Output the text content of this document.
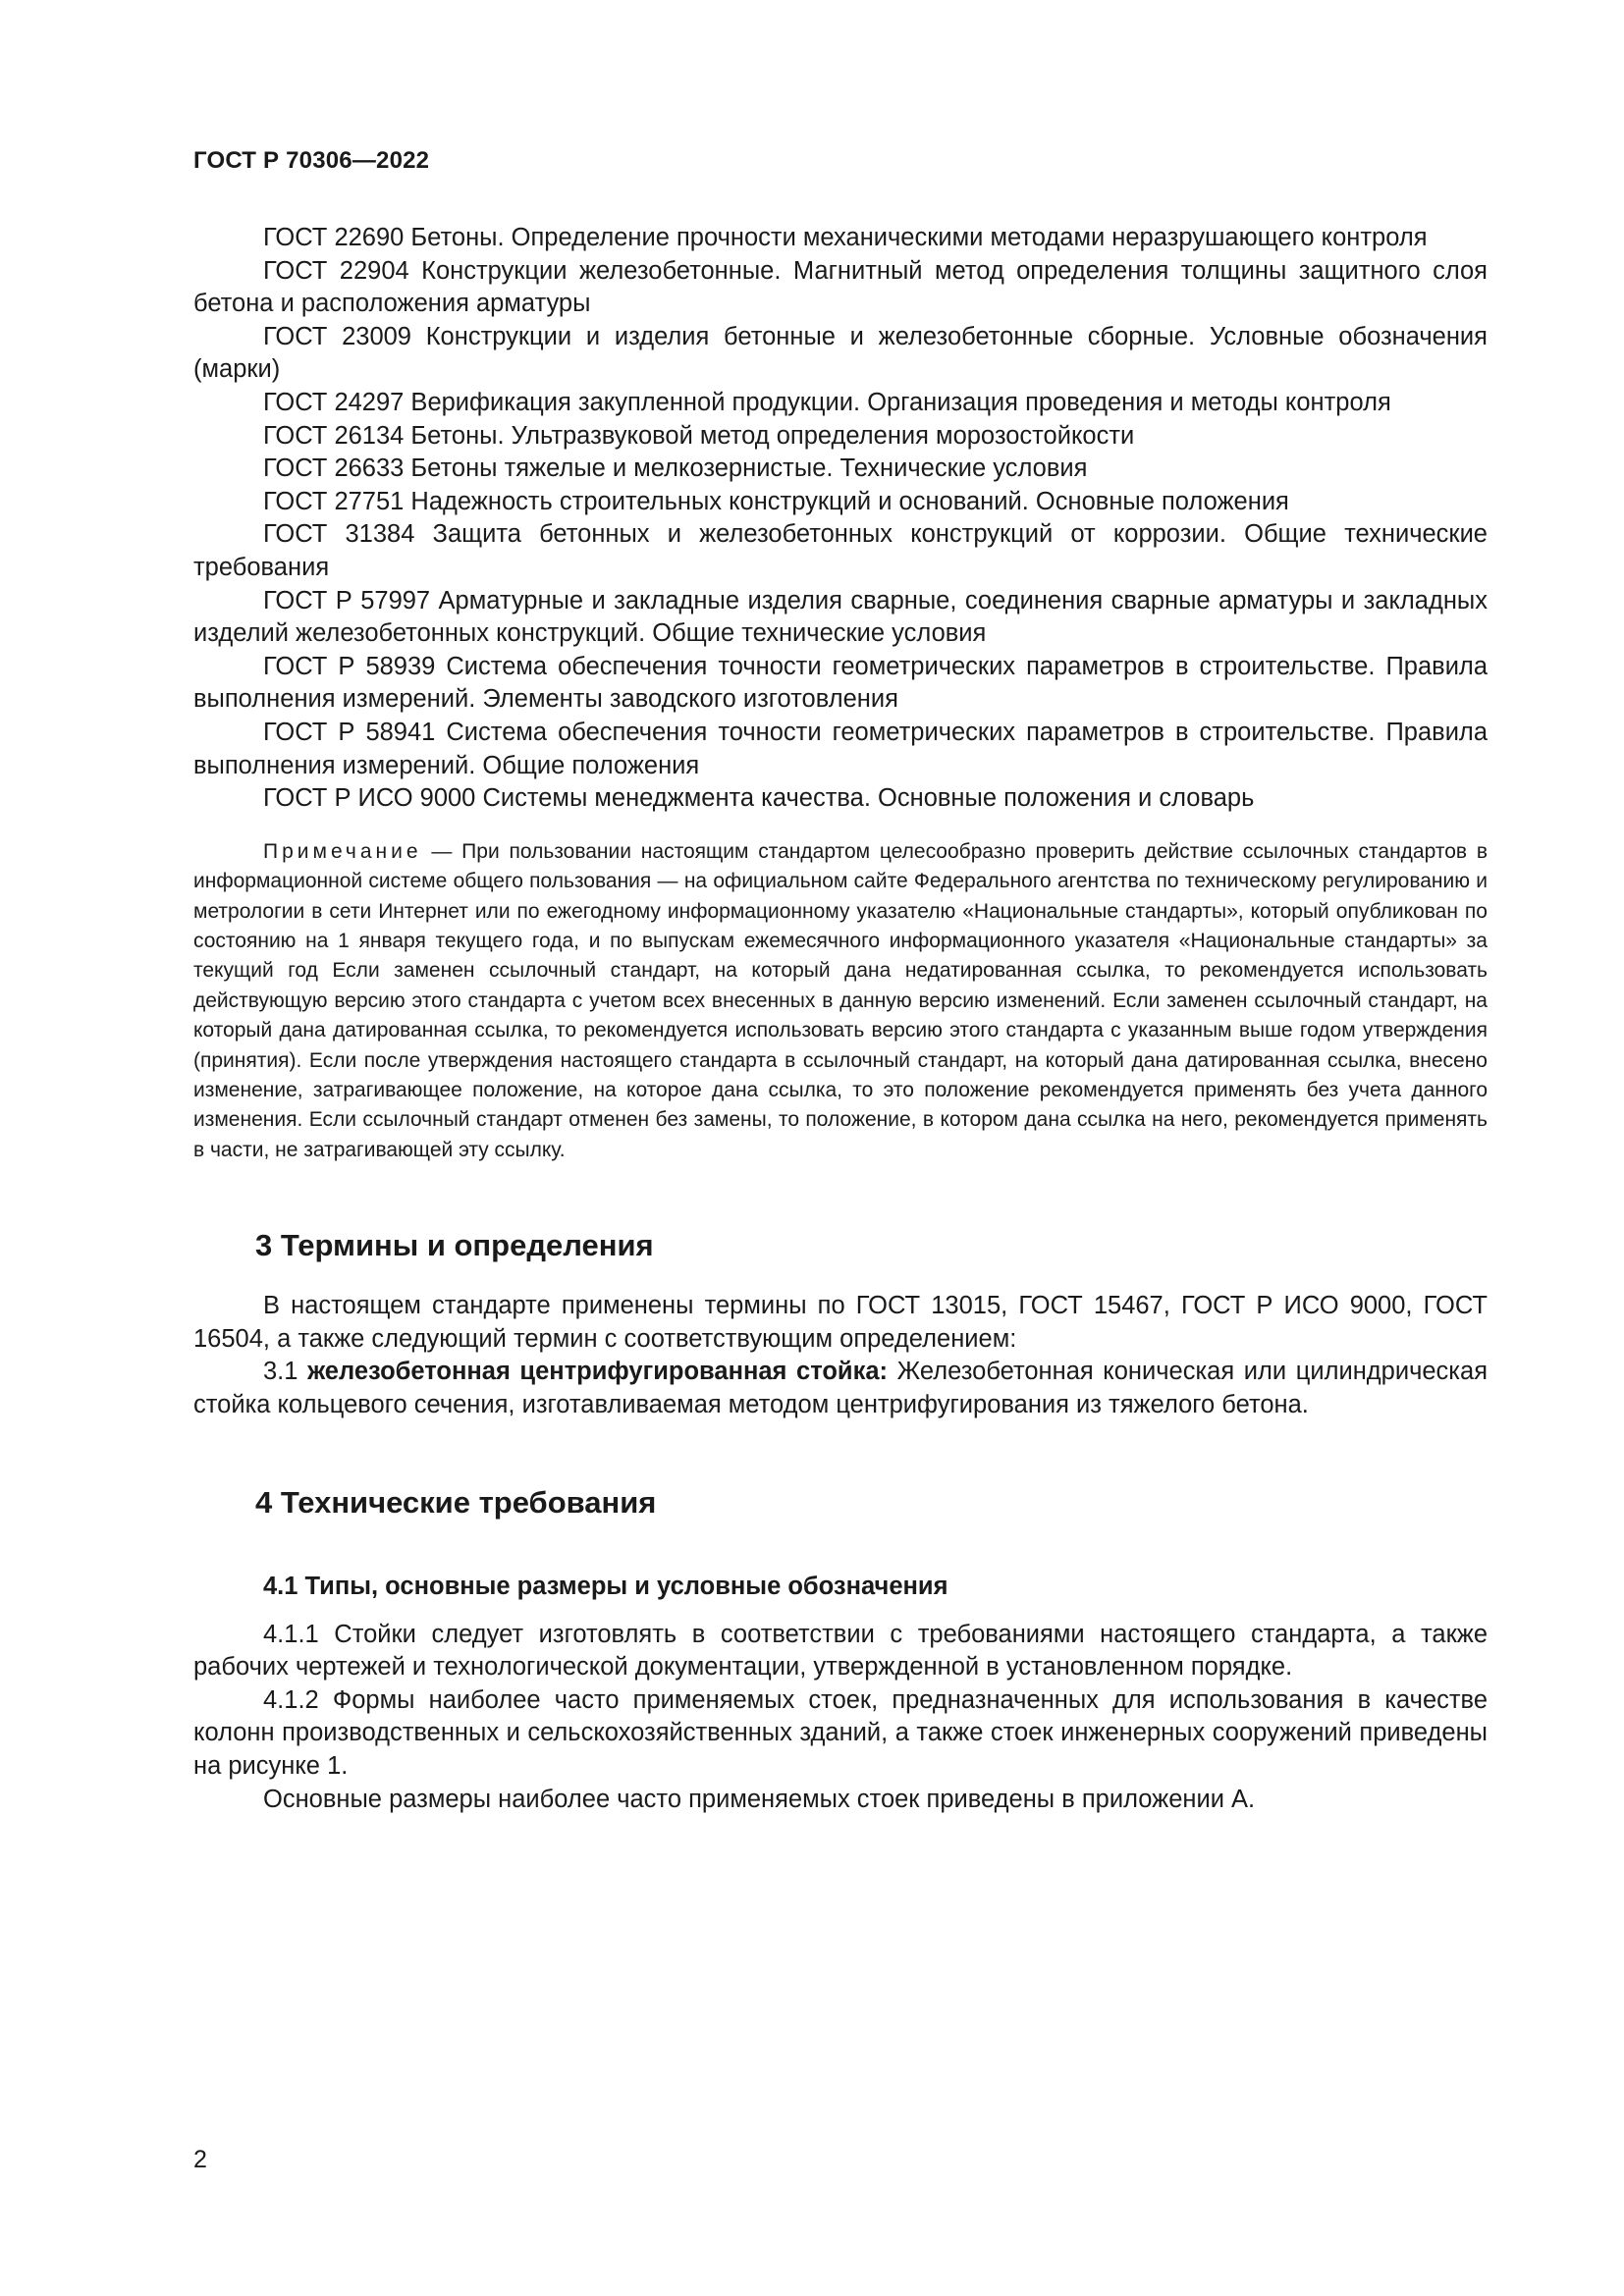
ГОСТ Р 70306—2022

ГОСТ 22690 Бетоны. Определение прочности механическими методами неразрушающего контроля

ГОСТ 22904 Конструкции железобетонные. Магнитный метод определения толщины защитного слоя бетона и расположения арматуры

ГОСТ 23009 Конструкции и изделия бетонные и железобетонные сборные. Условные обозначения (марки)

ГОСТ 24297 Верификация закупленной продукции. Организация проведения и методы контроля

ГОСТ 26134 Бетоны. Ультразвуковой метод определения морозостойкости

ГОСТ 26633 Бетоны тяжелые и мелкозернистые. Технические условия

ГОСТ 27751 Надежность строительных конструкций и оснований. Основные положения

ГОСТ 31384 Защита бетонных и железобетонных конструкций от коррозии. Общие технические требования

ГОСТ Р 57997 Арматурные и закладные изделия сварные, соединения сварные арматуры и закладных изделий железобетонных конструкций. Общие технические условия

ГОСТ Р 58939 Система обеспечения точности геометрических параметров в строительстве. Правила выполнения измерений. Элементы заводского изготовления

ГОСТ Р 58941 Система обеспечения точности геометрических параметров в строительстве. Правила выполнения измерений. Общие положения

ГОСТ Р ИСО 9000 Системы менеджмента качества. Основные положения и словарь

Примечание — При пользовании настоящим стандартом целесообразно проверить действие ссылочных стандартов в информационной системе общего пользования — на официальном сайте Федерального агентства по техническому регулированию и метрологии в сети Интернет или по ежегодному информационному указателю «Национальные стандарты», который опубликован по состоянию на 1 января текущего года, и по выпускам ежемесячного информационного указателя «Национальные стандарты» за текущий год Если заменен ссылочный стандарт, на который дана недатированная ссылка, то рекомендуется использовать действующую версию этого стандарта с учетом всех внесенных в данную версию изменений. Если заменен ссылочный стандарт, на который дана датированная ссылка, то рекомендуется использовать версию этого стандарта с указанным выше годом утверждения (принятия). Если после утверждения настоящего стандарта в ссылочный стандарт, на который дана датированная ссылка, внесено изменение, затрагивающее положение, на которое дана ссылка, то это положение рекомендуется применять без учета данного изменения. Если ссылочный стандарт отменен без замены, то положение, в котором дана ссылка на него, рекомендуется применять в части, не затрагивающей эту ссылку.

3 Термины и определения

В настоящем стандарте применены термины по ГОСТ 13015, ГОСТ 15467, ГОСТ Р ИСО 9000, ГОСТ 16504, а также следующий термин с соответствующим определением:

3.1 железобетонная центрифугированная стойка: Железобетонная коническая или цилиндрическая стойка кольцевого сечения, изготавливаемая методом центрифугирования из тяжелого бетона.

4 Технические требования
4.1 Типы, основные размеры и условные обозначения

4.1.1 Стойки следует изготовлять в соответствии с требованиями настоящего стандарта, а также рабочих чертежей и технологической документации, утвержденной в установленном порядке.

4.1.2 Формы наиболее часто применяемых стоек, предназначенных для использования в качестве колонн производственных и сельскохозяйственных зданий, а также стоек инженерных сооружений приведены на рисунке 1.

Основные размеры наиболее часто применяемых стоек приведены в приложении А.

2
